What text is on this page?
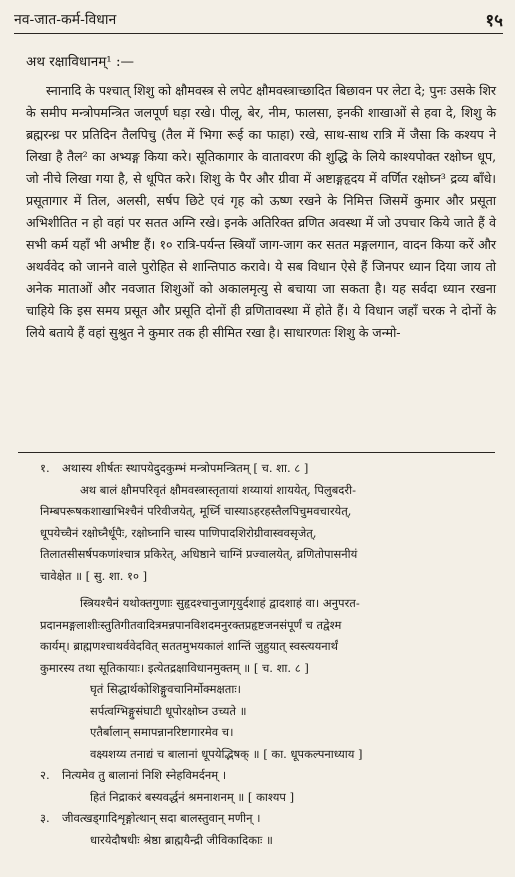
नव-जात-कर्म-विधान	१५
अथ रक्षाविधानम्¹ :—

स्नानादि के पश्चात् शिशु को क्षौमवस्त्र से लपेट क्षौमवस्त्राच्छादित बिछावन पर लेटा दे; पुनः उसके शिर के समीप मन्त्रोपमन्त्रित जलपूर्ण घड़ा रखे। पीलू, बेर, नीम, फालसा, इनकी शाखाओं से हवा दे, शिशु के ब्रह्मरन्ध्र पर प्रतिदिन तैलपिचु (तैल में भिगा रूई का फाहा) रखे, साथ-साथ रात्रि में जैसा कि कश्यप ने लिखा है तैल² का अभ्यङ्ग किया करे। सूतिकागार के वातावरण की शुद्धि के लिये काश्यपोक्त रक्षोघ्न धूप, जो नीचे लिखा गया है, से धूपित करे। शिशु के पैर और ग्रीवा में अष्टाङ्गहृदय में वर्णित रक्षोघ्न³ द्रव्य बाँधे। प्रसूतागार में तिल, अलसी, सर्षप छिटे एवं गृह को ऊष्ण रखने के निमित्त जिसमें कुमार और प्रसूता अभिशीतित न हो वहां पर सतत अग्नि रखे। इनके अतिरिक्त व्रणित अवस्था में जो उपचार किये जाते हैं वे सभी कर्म यहाँ भी अभीष्ट हैं। १० रात्रि-पर्यन्त स्त्रियाँ जाग-जाग कर सतत मङ्गलगान, वादन किया करें और अथर्ववेद को जानने वाले पुरोहित से शान्तिपाठ करावे। ये सब विधान ऐसे हैं जिनपर ध्यान दिया जाय तो अनेक माताओं और नवजात शिशुओं को अकालमृत्यु से बचाया जा सकता है। यह सर्वदा ध्यान रखना चाहिये कि इस समय प्रसूत और प्रसूति दोनों ही व्रणितावस्था में होते हैं। ये विधान जहाँ चरक ने दोनों के लिये बताये हैं वहां सुश्रुत ने कुमार तक ही सीमित रखा है। साधारणतः शिशु के जन्मो-

१. अथास्य शीर्षतः स्थापयेदुदकुम्भं मन्त्रोपमन्त्रितम् [ च. शा. ८ ]
अथ बालं क्षौमपरिवृतं क्षौमवस्त्रास्तृतायां शय्यायां शाययेत्, पिलुबदरी-
निम्बपरूषकशाखाभिश्चैनं परिवीजयेत्, मूर्ध्नि चास्याऽहरहस्तैलपिचुमवचारयेत्,
धूपयेच्चैनं रक्षोघ्नैर्धूपैः, रक्षोघ्नानि चास्य पाणिपादशिरोग्रीवास्ववसृजेत्,
तिलातसीसर्षपकणांश्चात्र प्रकिरेत्, अधिष्ठाने चाग्निं प्रज्वालयेत्, व्रणितोपासनीयं
चावेक्षेत ॥ [ सु. शा. १० ]
स्त्रियश्चैनं यथोक्तगुणाः सुहृदश्चानुजागृयुर्दशाहं द्वादशाहं वा। अनुपरत-
प्रदानमङ्गलाशीःस्तुतिगीतवादित्रमन्नपानविशदमनुरक्तप्रहृष्टजनसंपूर्णं च तद्वेश्म
कार्यम्। ब्राह्मणश्चाथर्ववेदवित् सततमुभयकालं शान्तिं जुहुयात् स्वस्त्ययनार्थं
कुमारस्य तथा सूतिकायाः। इत्येतद्रक्षाविधानमुक्तम् ॥ [ च. शा. ८ ]
घृतं सिद्धार्थकोशिङ्गुवचानिर्मोक्मक्षताः।
सर्पत्वग्भिङ्गुसंघाटी धूपोरक्षोघ्न उच्यते ॥
एतैर्बालान् समापन्नानरिष्टागारमेव च।
वक्ष्यशय्य तनाद्यं च बालानां धूपयेद्भिषक् ॥ [ का. धूपकल्पनाध्याय ]
२. नित्यमेव तु बालानां निशि स्नेहविमर्दनम् ।
हितं निद्राकरं बस्यवर्द्धनं श्रमनाशनम् ॥ [ काश्यप ]
३. जीवत्खड्गादिशृङ्गोत्थान् सदा बालस्तुवान् मणीन् ।
धारयेदौषधीः श्रेष्ठा ब्राह्मयैन्द्री जीविकादिकाः ॥
